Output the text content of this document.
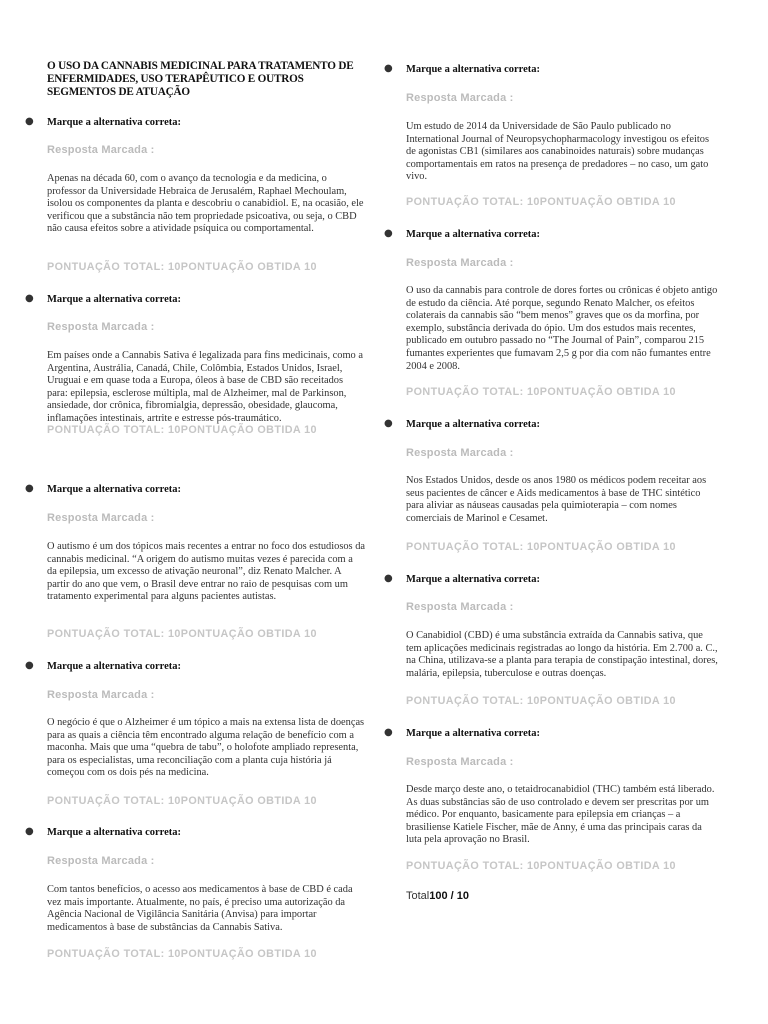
O USO DA CANNABIS MEDICINAL PARA TRATAMENTO DE ENFERMIDADES, USO TERAPÊUTICO E OUTROS SEGMENTOS DE ATUAÇÃO
● Marque a alternativa correta:
Resposta Marcada :
Apenas na década 60, com o avanço da tecnologia e da medicina, o professor da Universidade Hebraica de Jerusalém, Raphael Mechoulam, isolou os componentes da planta e descobriu o canabidiol. E, na ocasião, ele verificou que a substância não tem propriedade psicoativa, ou seja, o CBD não causa efeitos sobre a atividade psíquica ou comportamental.
PONTUAÇÃO TOTAL: 10PONTUAÇÃO OBTIDA 10
● Marque a alternativa correta:
Resposta Marcada :
Em países onde a Cannabis Sativa é legalizada para fins medicinais, como a Argentina, Austrália, Canadá, Chile, Colômbia, Estados Unidos, Israel, Uruguai e em quase toda a Europa, óleos à base de CBD são receitados para: epilepsia, esclerose múltipla, mal de Alzheimer, mal de Parkinson, ansiedade, dor crônica, fibromialgia, depressão, obesidade, glaucoma, inflamações intestinais, artrite e estresse pós-traumático.
PONTUAÇÃO TOTAL: 10PONTUAÇÃO OBTIDA 10
● Marque a alternativa correta:
Resposta Marcada :
O autismo é um dos tópicos mais recentes a entrar no foco dos estudiosos da cannabis medicinal. “A origem do autismo muitas vezes é parecida com a da epilepsia, um excesso de ativação neuronal”, diz Renato Malcher. A partir do ano que vem, o Brasil deve entrar no raio de pesquisas com um tratamento experimental para alguns pacientes autistas.
PONTUAÇÃO TOTAL: 10PONTUAÇÃO OBTIDA 10
● Marque a alternativa correta:
Resposta Marcada :
O negócio é que o Alzheimer é um tópico a mais na extensa lista de doenças para as quais a ciência têm encontrado alguma relação de benefício com a maconha. Mais que uma “quebra de tabu”, o holofote ampliado representa, para os especialistas, uma reconciliação com a planta cuja história já começou com os dois pés na medicina.
PONTUAÇÃO TOTAL: 10PONTUAÇÃO OBTIDA 10
● Marque a alternativa correta:
Resposta Marcada :
Com tantos benefícios, o acesso aos medicamentos à base de CBD é cada vez mais importante. Atualmente, no país, é preciso uma autorização da Agência Nacional de Vigilância Sanitária (Anvisa) para importar medicamentos à base de substâncias da Cannabis Sativa.
PONTUAÇÃO TOTAL: 10PONTUAÇÃO OBTIDA 10
● Marque a alternativa correta:
Resposta Marcada :
Um estudo de 2014 da Universidade de São Paulo publicado no International Journal of Neuropsychopharmacology investigou os efeitos de agonistas CB1 (similares aos canabinoides naturais) sobre mudanças comportamentais em ratos na presença de predadores – no caso, um gato vivo.
PONTUAÇÃO TOTAL: 10PONTUAÇÃO OBTIDA 10
● Marque a alternativa correta:
Resposta Marcada :
O uso da cannabis para controle de dores fortes ou crônicas é objeto antigo de estudo da ciência. Até porque, segundo Renato Malcher, os efeitos colaterais da cannabis são “bem menos” graves que os da morfina, por exemplo, substância derivada do ópio. Um dos estudos mais recentes, publicado em outubro passado no “The Journal of Pain”, comparou 215 fumantes experientes que fumavam 2,5 g por dia com não fumantes entre 2004 e 2008.
PONTUAÇÃO TOTAL: 10PONTUAÇÃO OBTIDA 10
● Marque a alternativa correta:
Resposta Marcada :
Nos Estados Unidos, desde os anos 1980 os médicos podem receitar aos seus pacientes de câncer e Aids medicamentos à base de THC sintético para aliviar as náuseas causadas pela quimioterapia – com nomes comerciais de Marinol e Cesamet.
PONTUAÇÃO TOTAL: 10PONTUAÇÃO OBTIDA 10
● Marque a alternativa correta:
Resposta Marcada :
O Canabidiol (CBD) é uma substância extraída da Cannabis sativa, que tem aplicações medicinais registradas ao longo da história. Em 2.700 a. C., na China, utilizava-se a planta para terapia de constipação intestinal, dores, malária, epilepsia, tuberculose e outras doenças.
PONTUAÇÃO TOTAL: 10PONTUAÇÃO OBTIDA 10
● Marque a alternativa correta:
Resposta Marcada :
Desde março deste ano, o tetaidrocanabidiol (THC) também está liberado. As duas substâncias são de uso controlado e devem ser prescritas por um médico. Por enquanto, basicamente para epilepsia em crianças – a brasiliense Katiele Fischer, mãe de Anny, é uma das principais caras da luta pela aprovação no Brasil.
PONTUAÇÃO TOTAL: 10PONTUAÇÃO OBTIDA 10
Total100 / 10
